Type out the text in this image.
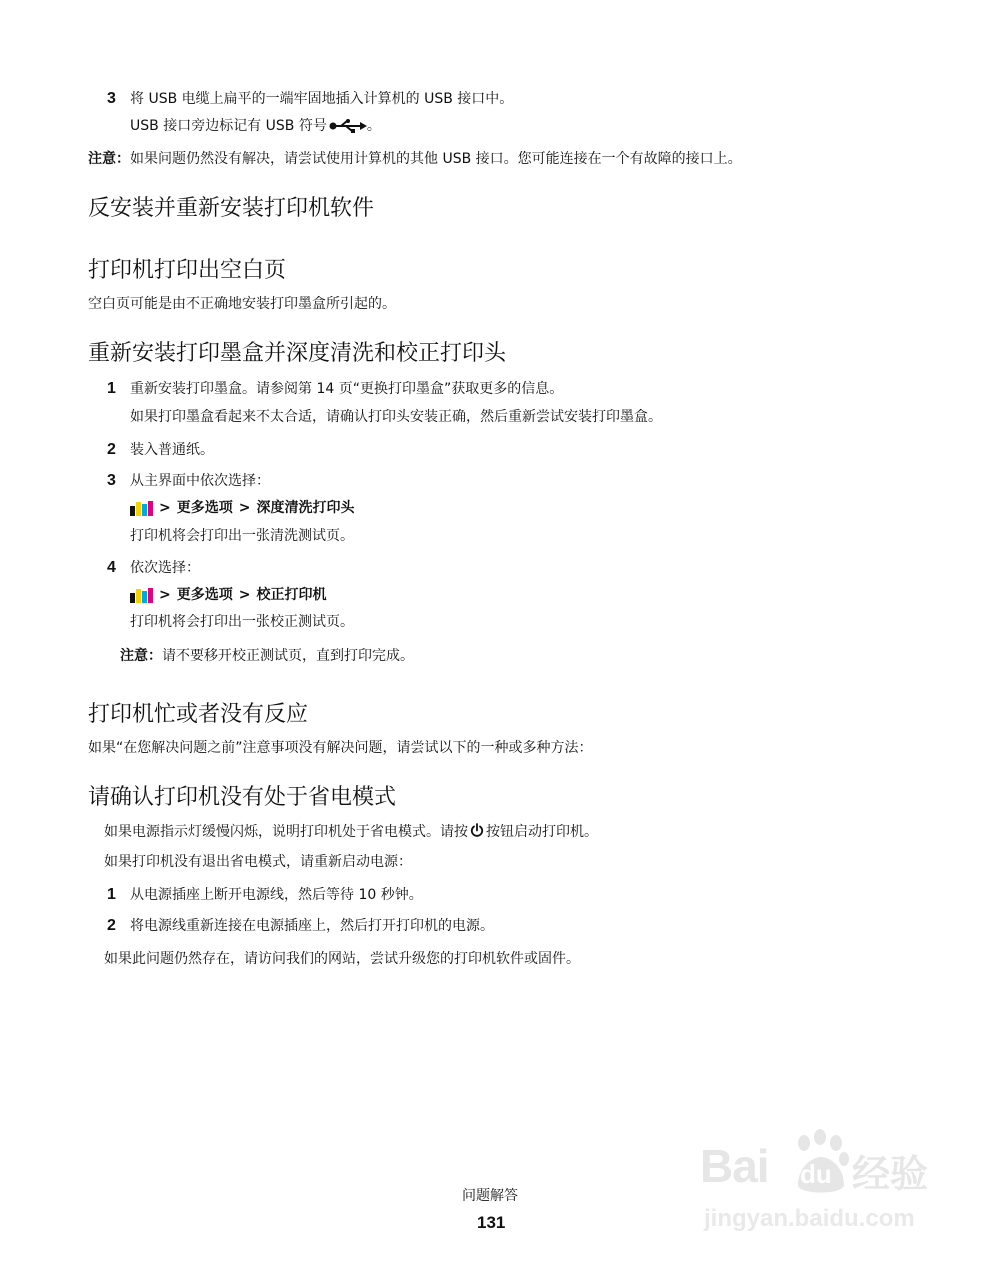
3 将 USB 电缆上扁平的一端牢固地插入计算机的 USB 接口中。
USB 接口旁边标记有 USB 符号	。
注意：如果问题仍然没有解决，请尝试使用计算机的其他 USB 接口。您可能连接在一个有故障的接口上。
反安装并重新安装打印机软件
打印机打印出空白页
空白页可能是由不正确地安装打印墨盒所引起的。
重新安装打印墨盒并深度清洗和校正打印头
1 重新安装打印墨盒。请参阅第 14 页“更换打印墨盒”获取更多的信息。
如果打印墨盒看起来不太合适，请确认打印头安装正确，然后重新尝试安装打印墨盒。
2 装入普通纸。
3 从主界面中依次选择：
> 更多选项 > 深度清洗打印头
打印机将会打印出一张清洗测试页。
4 依次选择：
> 更多选项 > 校正打印机
打印机将会打印出一张校正测试页。
注意：请不要移开校正测试页，直到打印完成。
打印机忙或者没有反应
如果“在您解决问题之前”注意事项没有解决问题，请尝试以下的一种或多种方法：
请确认打印机没有处于省电模式
如果电源指示灯缓慢闪烁，说明打印机处于省电模式。请按 按钮启动打印机。
如果打印机没有退出省电模式，请重新启动电源：
1 从电源插座上断开电源线，然后等待 10 秒钟。
2 将电源线重新连接在电源插座上，然后打开打印机的电源。
如果此问题仍然存在，请访问我们的网站，尝试升级您的打印机软件或固件。
问题解答
131
Bai du 经验
jingyan.baidu.com
